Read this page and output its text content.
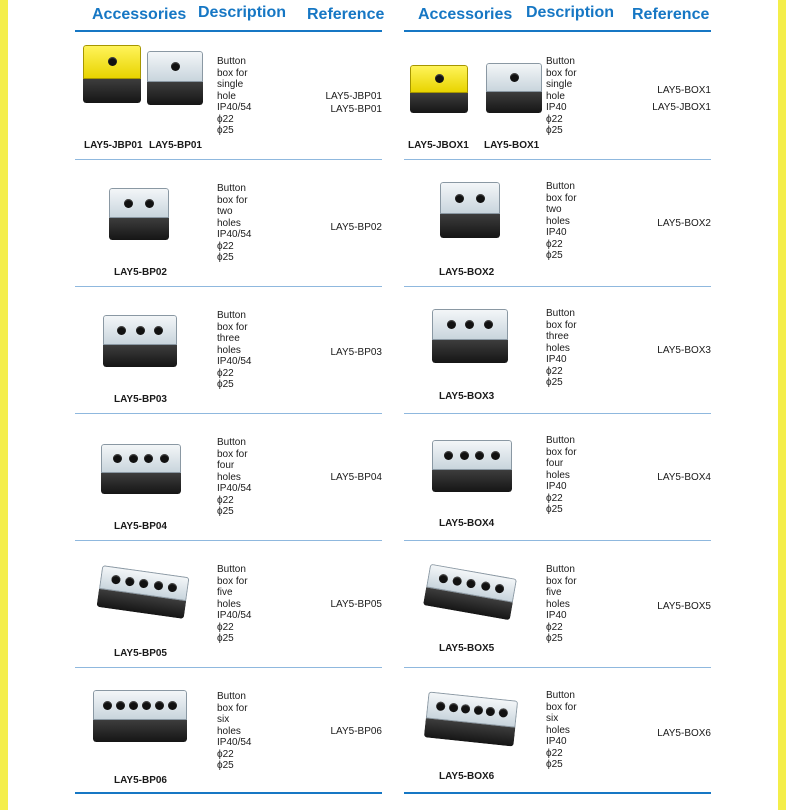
Accessories Description Reference
LAY5-JBP01 LAY5-BP01
Button
box for
single
hole
IP40/54
ϕ22
ϕ25
LAY5-JBP01
LAY5-BP01
LAY5-BP02
Button
box for
two
holes
IP40/54
ϕ22
ϕ25
LAY5-BP02
LAY5-BP03
Button
box for
three
holes
IP40/54
ϕ22
ϕ25
LAY5-BP03
LAY5-BP04
Button
box for
four
holes
IP40/54
ϕ22
ϕ25
LAY5-BP04
LAY5-BP05
Button
box for
five
holes
IP40/54
ϕ22
ϕ25
LAY5-BP05
LAY5-BP06
Button
box for
six
holes
IP40/54
ϕ22
ϕ25
LAY5-BP06
Accessories Description Reference
LAY5-JBOX1 LAY5-BOX1
Button
box for
single
hole
IP40
ϕ22
ϕ25
LAY5-BOX1
LAY5-JBOX1
LAY5-BOX2
Button
box for
two
holes
IP40
ϕ22
ϕ25
LAY5-BOX2
LAY5-BOX3
Button
box for
three
holes
IP40
ϕ22
ϕ25
LAY5-BOX3
LAY5-BOX4
Button
box for
four
holes
IP40
ϕ22
ϕ25
LAY5-BOX4
LAY5-BOX5
Button
box for
five
holes
IP40
ϕ22
ϕ25
LAY5-BOX5
LAY5-BOX6
Button
box for
six
holes
IP40
ϕ22
ϕ25
LAY5-BOX6
